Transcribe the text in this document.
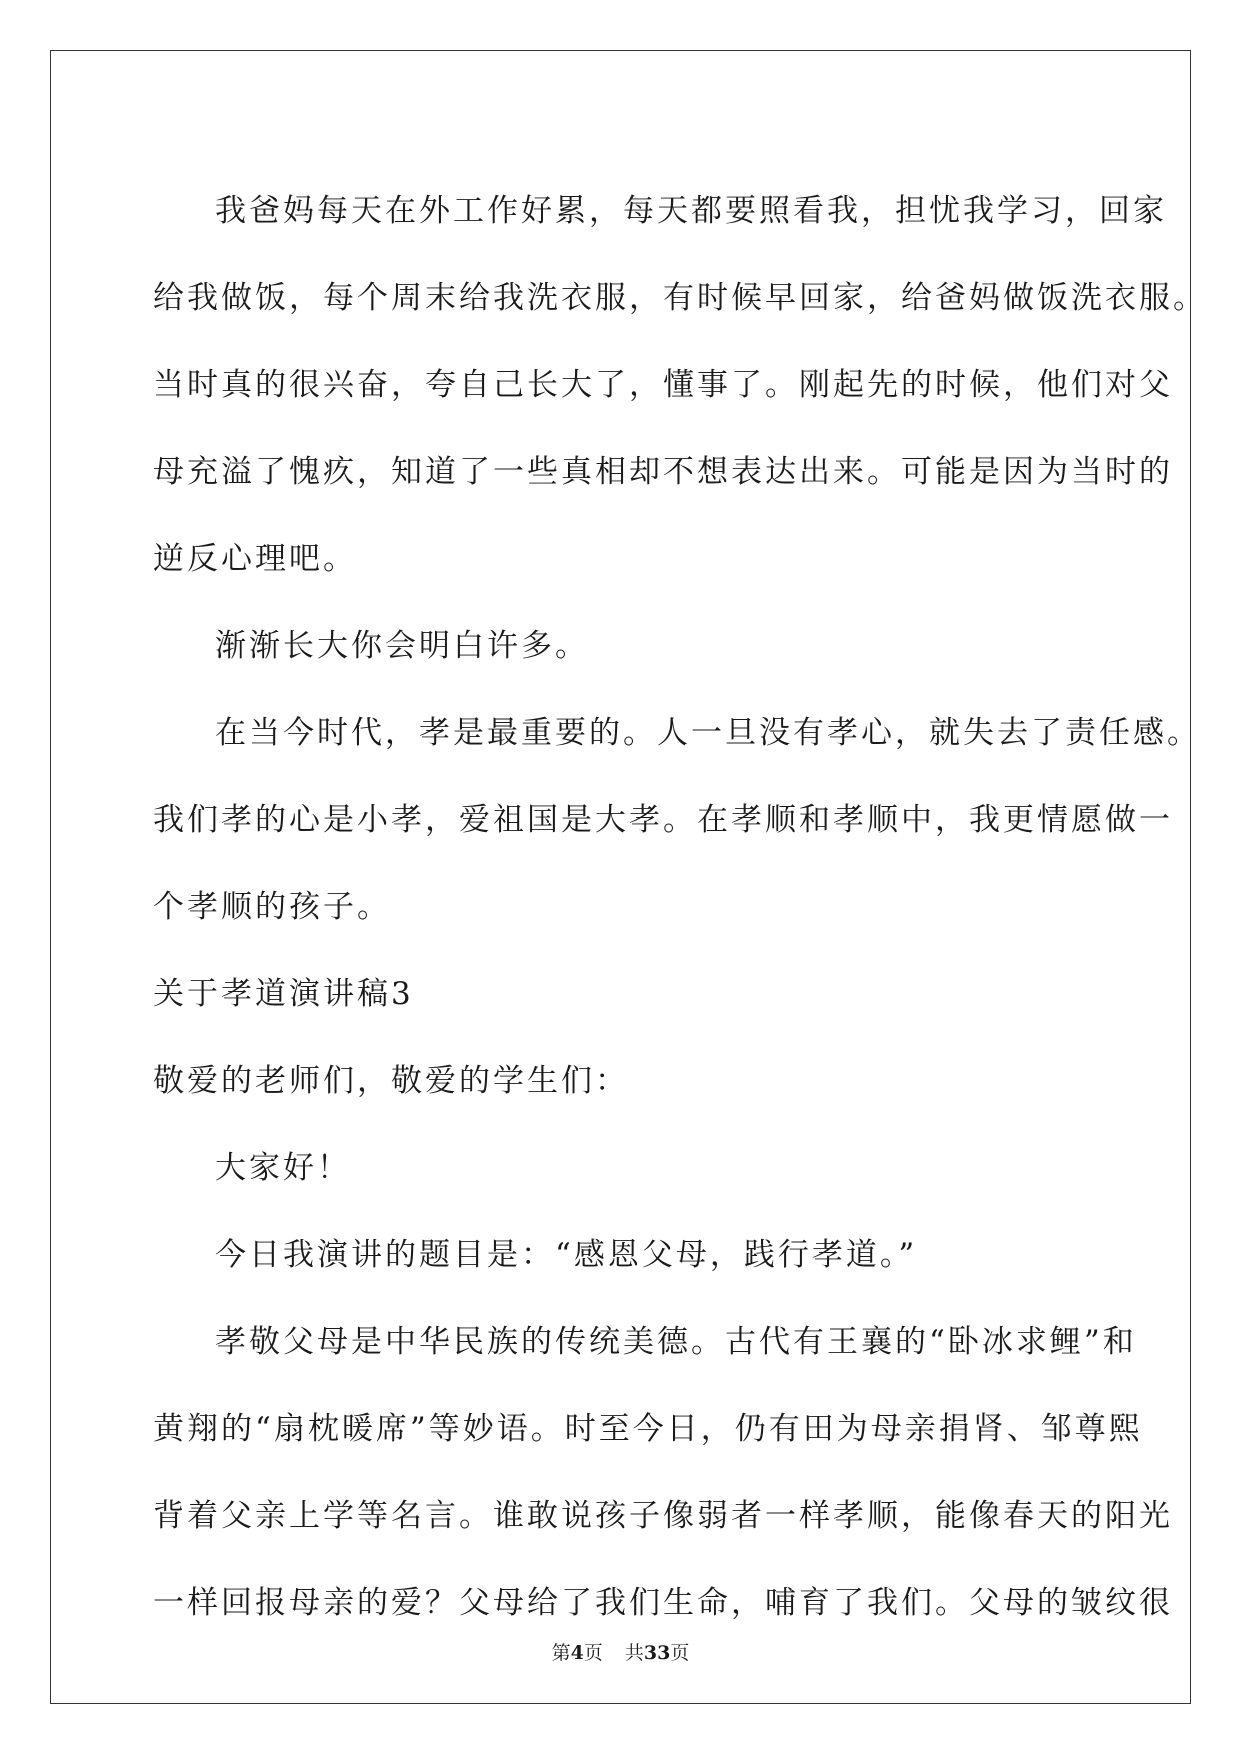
我爸妈每天在外工作好累，每天都要照看我，担忧我学习，回家
给我做饭，每个周末给我洗衣服，有时候早回家，给爸妈做饭洗衣服。
当时真的很兴奋，夸自己长大了，懂事了。刚起先的时候，他们对父
母充溢了愧疚，知道了一些真相却不想表达出来。可能是因为当时的
逆反心理吧。
渐渐长大你会明白许多。
在当今时代，孝是最重要的。人一旦没有孝心，就失去了责任感。
我们孝的心是小孝，爱祖国是大孝。在孝顺和孝顺中，我更情愿做一
个孝顺的孩子。
关于孝道演讲稿3
敬爱的老师们，敬爱的学生们：
大家好！
今日我演讲的题目是：“感恩父母，践行孝道。”
孝敬父母是中华民族的传统美德。古代有王襄的“卧冰求鲤”和
黄翔的“扇枕暖席”等妙语。时至今日，仍有田为母亲捐肾、邹尊熙
背着父亲上学等名言。谁敢说孩子像弱者一样孝顺，能像春天的阳光
一样回报母亲的爱？父母给了我们生命，哺育了我们。父母的皱纹很
第4页 共33页
